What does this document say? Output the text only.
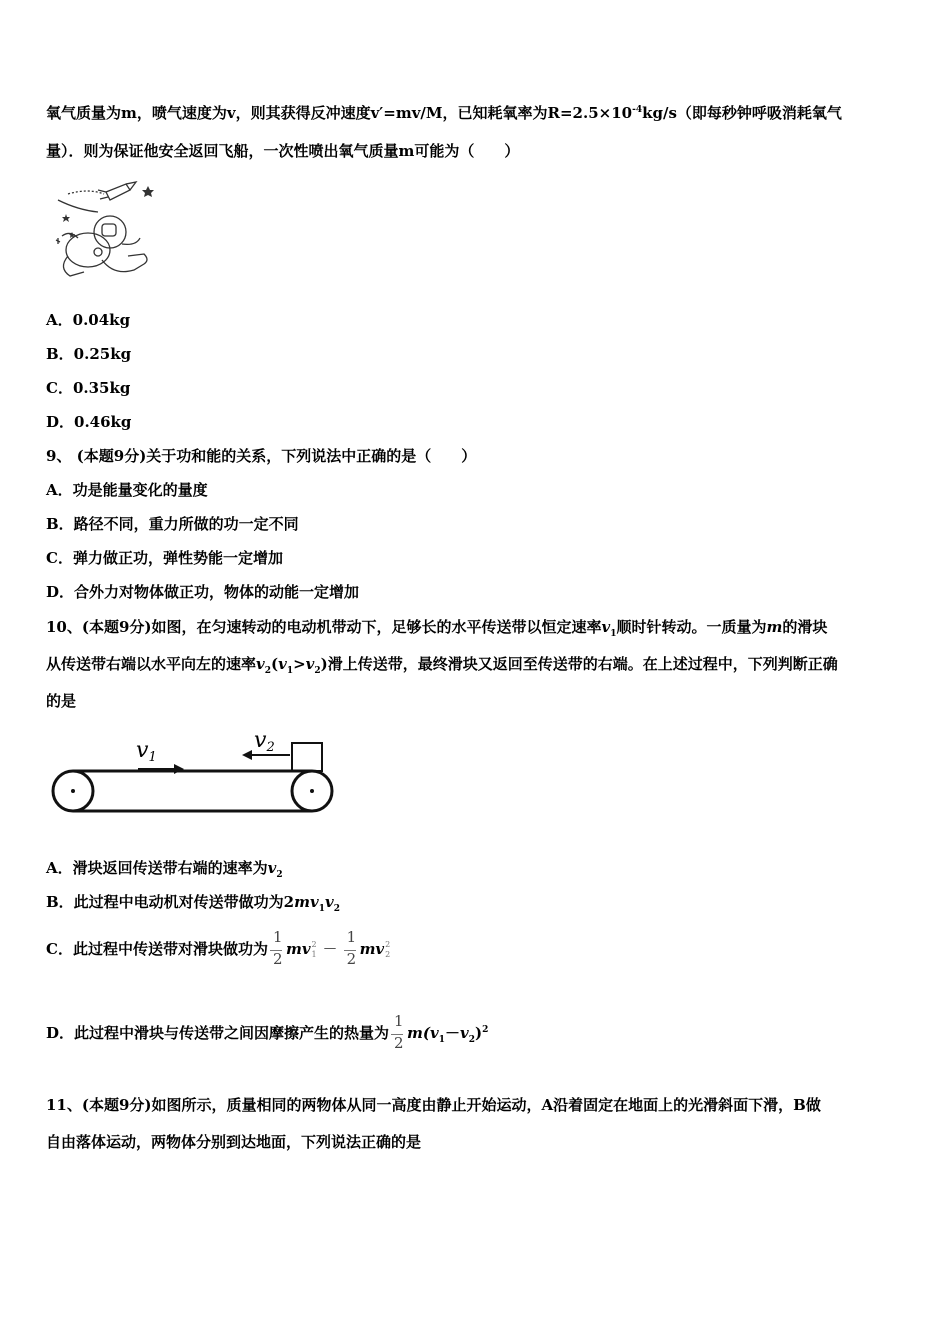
氧气质量为m，喷气速度为v，则其获得反冲速度v′=mv/M，已知耗氧率为$R=2.5\times 10^{-4}kg/s$（即每秒钟呼吸消耗氧气
量）．则为保证他安全返回飞船，一次性喷出氧气质量m可能为（　　）
A．0.04kg
B．0.25kg
C．0.35kg
D．0.46kg
9、 (本题9分)关于功和能的关系，下列说法中正确的是（　　）
A．功是能量变化的量度
B．路径不同，重力所做的功一定不同
C．弹力做正功，弹性势能一定增加
D．合外力对物体做正功，物体的动能一定增加
10、(本题9分)如图，在匀速转动的电动机带动下，足够长的水平传送带以恒定速率$v_1$顺时针转动。一质量为m的滑块
从传送带右端以水平向左的速率$v_2(v_1>v_2)$滑上传送带，最终滑块又返回至传送带的右端。在上述过程中，下列判断正确
的是
v1
v2
A．滑块返回传送带右端的速率为$v_2$
B．此过程中电动机对传送带做功为$2mv_1v_2$
C．此过程中传送带对滑块做功为 $\frac{1}{2}$ mv 2
$1 - \frac{1}{2}$ mv 2
2
D．此过程中滑块与传送带之间因摩擦产生的热量为 $\frac{1}{2} m(v_1-v_2)^2$
11、(本题9分)如图所示，质量相同的两物体从同一高度由静止开始运动，A沿着固定在地面上的光滑斜面下滑，B做
自由落体运动，两物体分别到达地面，下列说法正确的是
